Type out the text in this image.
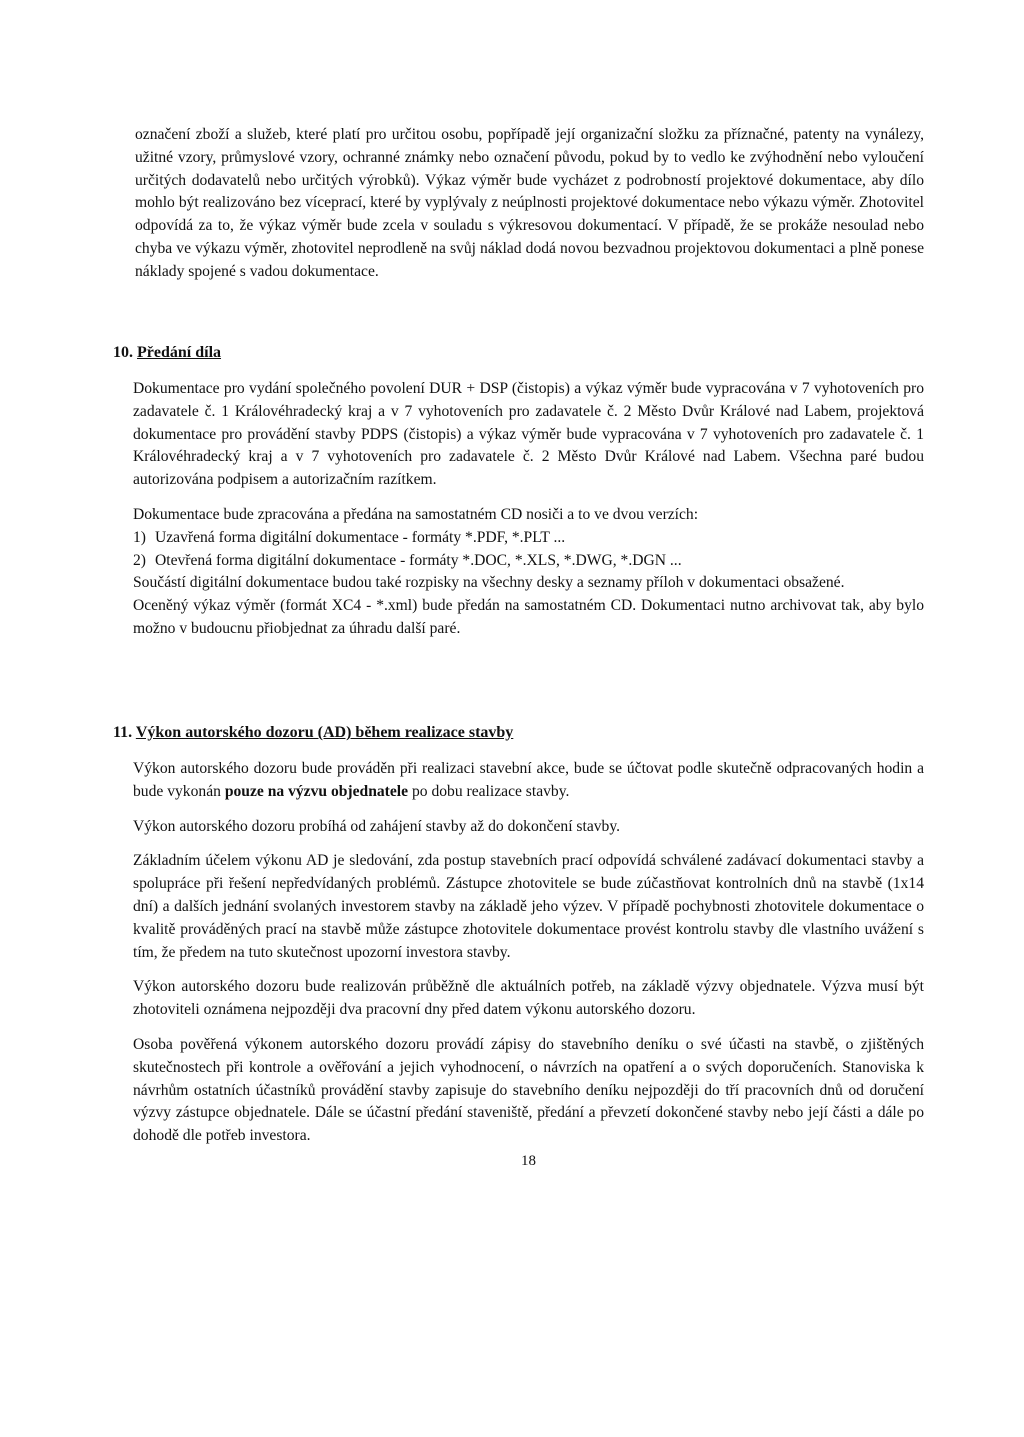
označení zboží a služeb, které platí pro určitou osobu, popřípadě její organizační složku za příznačné, patenty na vynálezy, užitné vzory, průmyslové vzory, ochranné známky nebo označení původu, pokud by to vedlo ke zvýhodnění nebo vyloučení určitých dodavatelů nebo určitých výrobků). Výkaz výměr bude vycházet z podrobností projektové dokumentace, aby dílo mohlo být realizováno bez víceprací, které by vyplývaly z neúplnosti projektové dokumentace nebo výkazu výměr. Zhotovitel odpovídá za to, že výkaz výměr bude zcela v souladu s výkresovou dokumentací. V případě, že se prokáže nesoulad nebo chyba ve výkazu výměr, zhotovitel neprodleně na svůj náklad dodá novou bezvadnou projektovou dokumentaci a plně ponese náklady spojené s vadou dokumentace.

10. Předání díla

Dokumentace pro vydání společného povolení DUR + DSP (čistopis) a výkaz výměr bude vypracována v 7 vyhotoveních pro zadavatele č. 1 Královéhradecký kraj a v 7 vyhotoveních pro zadavatele č. 2 Město Dvůr Králové nad Labem, projektová dokumentace pro provádění stavby PDPS (čistopis) a výkaz výměr bude vypracována v 7 vyhotoveních pro zadavatele č. 1 Královéhradecký kraj a v 7 vyhotoveních pro zadavatele č. 2 Město Dvůr Králové nad Labem. Všechna paré budou autorizována podpisem a autorizačním razítkem.

Dokumentace bude zpracována a předána na samostatném CD nosiči a to ve dvou verzích:

1) Uzavřená forma digitální dokumentace - formáty *.PDF, *.PLT ...
2) Otevřená forma digitální dokumentace - formáty *.DOC, *.XLS, *.DWG, *.DGN ...

Součástí digitální dokumentace budou také rozpisky na všechny desky a seznamy příloh v dokumentaci obsažené.

Oceněný výkaz výměr (formát XC4 - *.xml) bude předán na samostatném CD. Dokumentaci nutno archivovat tak, aby bylo možno v budoucnu přiobjednat za úhradu další paré.

11. Výkon autorského dozoru (AD) během realizace stavby

Výkon autorského dozoru bude prováděn při realizaci stavební akce, bude se účtovat podle skutečně odpracovaných hodin a bude vykonán pouze na výzvu objednatele po dobu realizace stavby.

Výkon autorského dozoru probíhá od zahájení stavby až do dokončení stavby.

Základním účelem výkonu AD je sledování, zda postup stavebních prací odpovídá schválené zadávací dokumentaci stavby a spolupráce při řešení nepředvídaných problémů. Zástupce zhotovitele se bude zúčastňovat kontrolních dnů na stavbě (1x14 dní) a dalších jednání svolaných investorem stavby na základě jeho výzev. V případě pochybnosti zhotovitele dokumentace o kvalitě prováděných prací na stavbě může zástupce zhotovitele dokumentace provést kontrolu stavby dle vlastního uvážení s tím, že předem na tuto skutečnost upozorní investora stavby.

Výkon autorského dozoru bude realizován průběžně dle aktuálních potřeb, na základě výzvy objednatele. Výzva musí být zhotoviteli oznámena nejpozději dva pracovní dny před datem výkonu autorského dozoru.

Osoba pověřená výkonem autorského dozoru provádí zápisy do stavebního deníku o své účasti na stavbě, o zjištěných skutečnostech při kontrole a ověřování a jejich vyhodnocení, o návrzích na opatření a o svých doporučeních. Stanoviska k návrhům ostatních účastníků provádění stavby zapisuje do stavebního deníku nejpozději do tří pracovních dnů od doručení výzvy zástupce objednatele. Dále se účastní předání staveniště, předání a převzetí dokončené stavby nebo její části a dále po dohodě dle potřeb investora.

18
